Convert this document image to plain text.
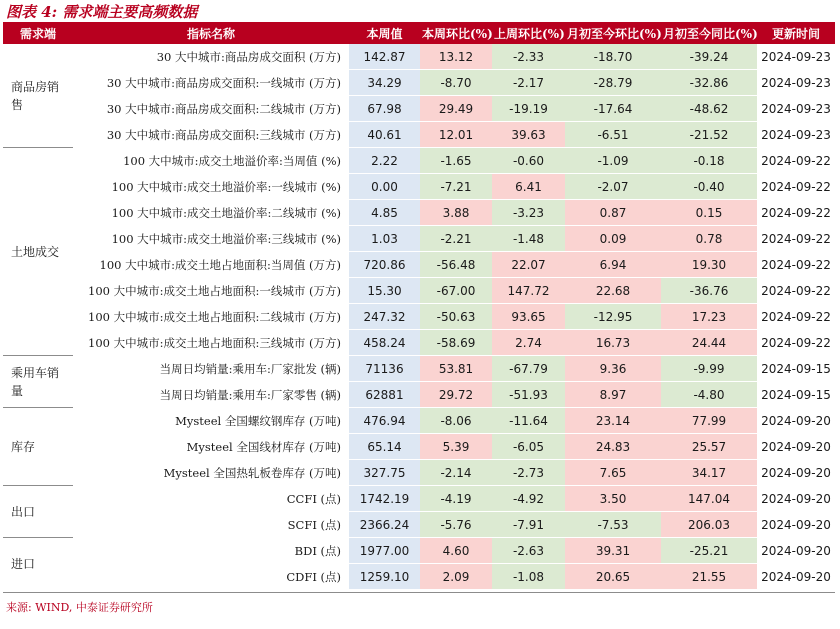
图表 4: 需求端主要高频数据
需求端	指标名称	本周值	本周环比(%)	上周环比(%)	月初至今环比(%)	月初至今同比(%)	更新时间
商品房销售	30 大中城市:商品房成交面积 (万方)	142.87	13.12	-2.33	-18.70	-39.24	2024-09-23
	30 大中城市:商品房成交面积:一线城市 (万方)	34.29	-8.70	-2.17	-28.79	-32.86	2024-09-23
	30 大中城市:商品房成交面积:二线城市 (万方)	67.98	29.49	-19.19	-17.64	-48.62	2024-09-23
	30 大中城市:商品房成交面积:三线城市 (万方)	40.61	12.01	39.63	-6.51	-21.52	2024-09-23
土地成交	100 大中城市:成交土地溢价率:当周值 (%)	2.22	-1.65	-0.60	-1.09	-0.18	2024-09-22
	100 大中城市:成交土地溢价率:一线城市 (%)	0.00	-7.21	6.41	-2.07	-0.40	2024-09-22
	100 大中城市:成交土地溢价率:二线城市 (%)	4.85	3.88	-3.23	0.87	0.15	2024-09-22
	100 大中城市:成交土地溢价率:三线城市 (%)	1.03	-2.21	-1.48	0.09	0.78	2024-09-22
	100 大中城市:成交土地占地面积:当周值 (万方)	720.86	-56.48	22.07	6.94	19.30	2024-09-22
	100 大中城市:成交土地占地面积:一线城市 (万方)	15.30	-67.00	147.72	22.68	-36.76	2024-09-22
	100 大中城市:成交土地占地面积:二线城市 (万方)	247.32	-50.63	93.65	-12.95	17.23	2024-09-22
	100 大中城市:成交土地占地面积:三线城市 (万方)	458.24	-58.69	2.74	16.73	24.44	2024-09-22
乘用车销量	当周日均销量:乘用车:厂家批发 (辆)	71136	53.81	-67.79	9.36	-9.99	2024-09-15
	当周日均销量:乘用车:厂家零售 (辆)	62881	29.72	-51.93	8.97	-4.80	2024-09-15
库存	Mysteel 全国螺纹钢库存 (万吨)	476.94	-8.06	-11.64	23.14	77.99	2024-09-20
	Mysteel 全国线材库存 (万吨)	65.14	5.39	-6.05	24.83	25.57	2024-09-20
	Mysteel 全国热轧板卷库存 (万吨)	327.75	-2.14	-2.73	7.65	34.17	2024-09-20
出口	CCFI (点)	1742.19	-4.19	-4.92	3.50	147.04	2024-09-20
	SCFI (点)	2366.24	-5.76	-7.91	-7.53	206.03	2024-09-20
进口	BDI (点)	1977.00	4.60	-2.63	39.31	-25.21	2024-09-20
	CDFI (点)	1259.10	2.09	-1.08	20.65	21.55	2024-09-20
来源: WIND, 中泰证券研究所
